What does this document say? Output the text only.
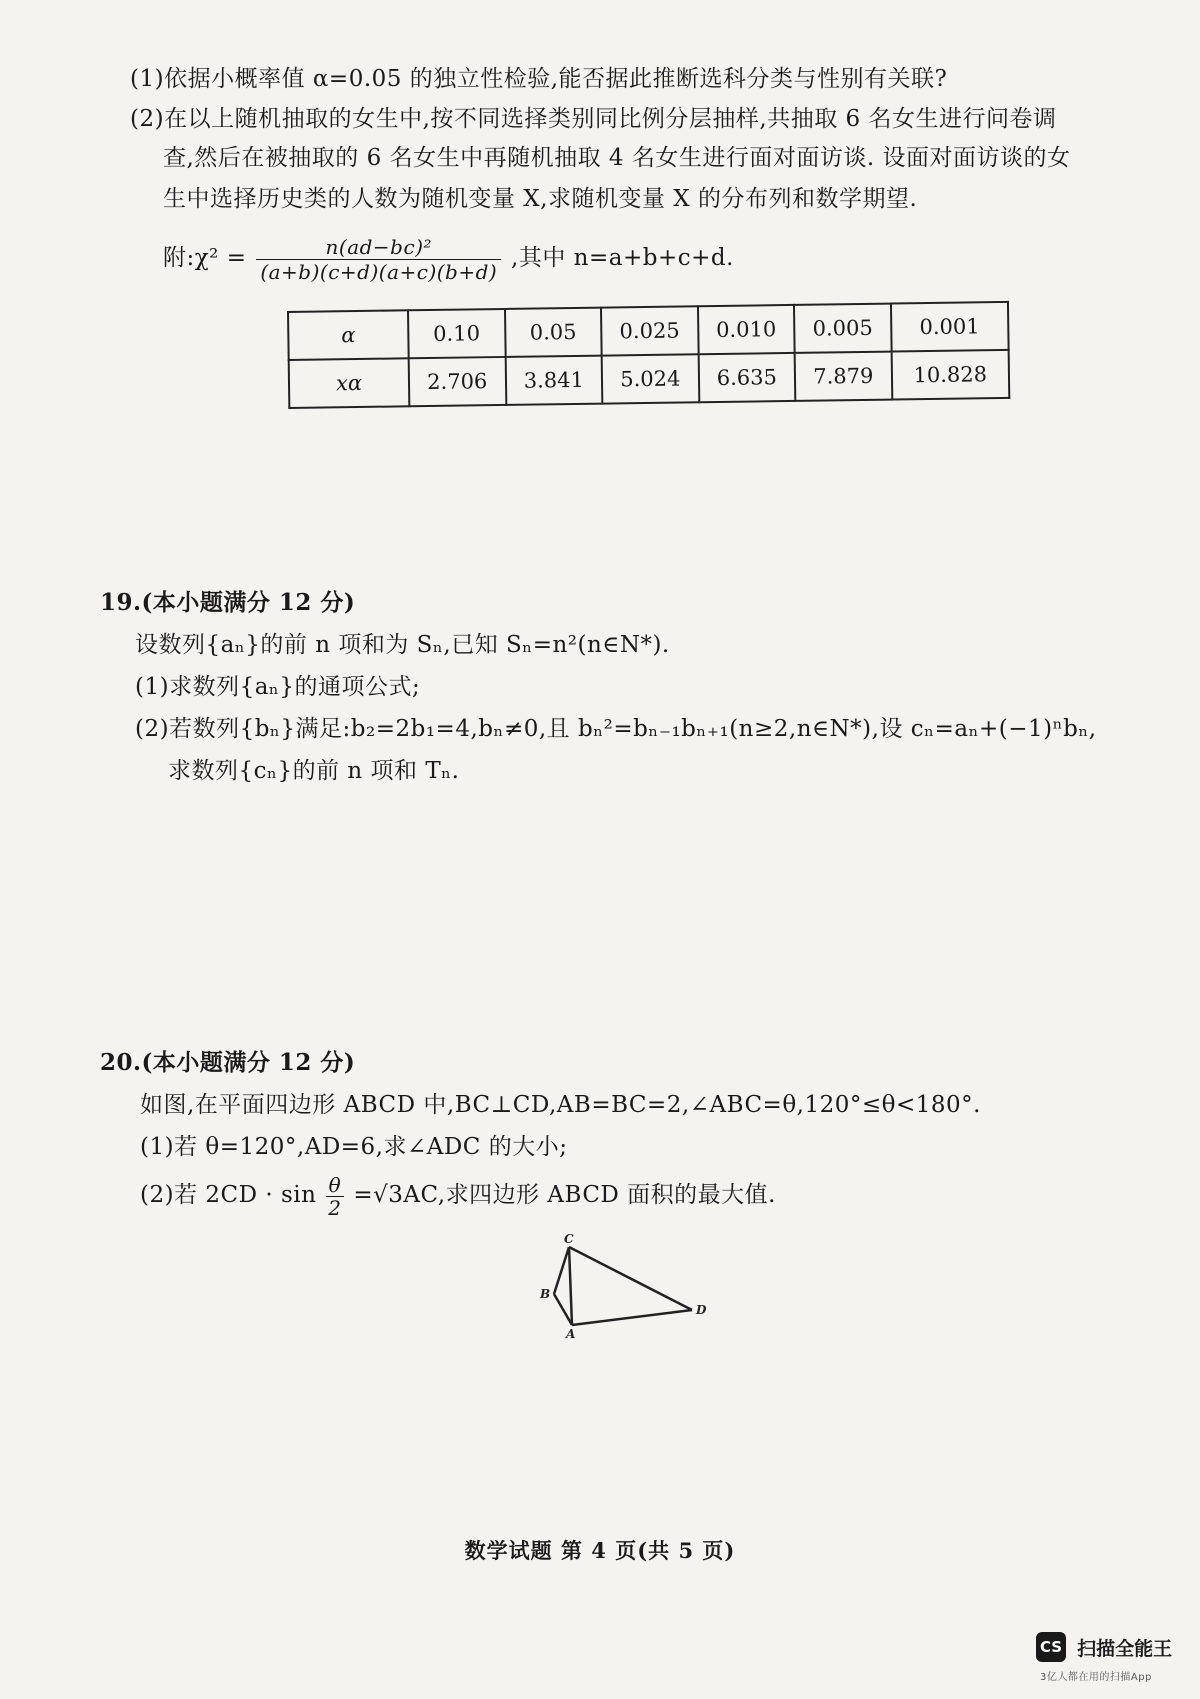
(1)依据小概率值 α=0.05 的独立性检验,能否据此推断选科分类与性别有关联?
(2)在以上随机抽取的女生中,按不同选择类别同比例分层抽样,共抽取 6 名女生进行问卷调
查,然后在被抽取的 6 名女生中再随机抽取 4 名女生进行面对面访谈. 设面对面访谈的女
生中选择历史类的人数为随机变量 X,求随机变量 X 的分布列和数学期望.
附:χ² = $\frac{\text{n(ad−bc)²}}{(a+b)(c+d)(a+c)(b+d)}$ ,其中 n=a+b+c+d.
α	0.10	0.05	0.025	0.010	0.005	0.001
xα	2.706	3.841	5.024	6.635	7.879	10.828
19.(本小题满分 12 分)
设数列{aₙ}的前 n 项和为 Sₙ,已知 Sₙ=n²(n∈N*).
(1)求数列{aₙ}的通项公式;
(2)若数列{bₙ}满足:b₂=2b₁=4,bₙ≠0,且 bₙ²=bₙ₋₁bₙ₊₁(n≥2,n∈N*),设 cₙ=aₙ+(−1)ⁿbₙ,
求数列{cₙ}的前 n 项和 Tₙ.
20.(本小题满分 12 分)
如图,在平面四边形 ABCD 中,BC⊥CD,AB=BC=2,∠ABC=θ,120°≤θ<180°.
(1)若 θ=120°,AD=6,求∠ADC 的大小;
(2)若 $2CD \cdot \sin \frac{\theta}{2} =√3AC$,求四边形 ABCD 面积的最大值.
C
B
A
D
数学试题 第 4 页(共 5 页)
CS 扫描全能王
3亿人都在用的扫描App
